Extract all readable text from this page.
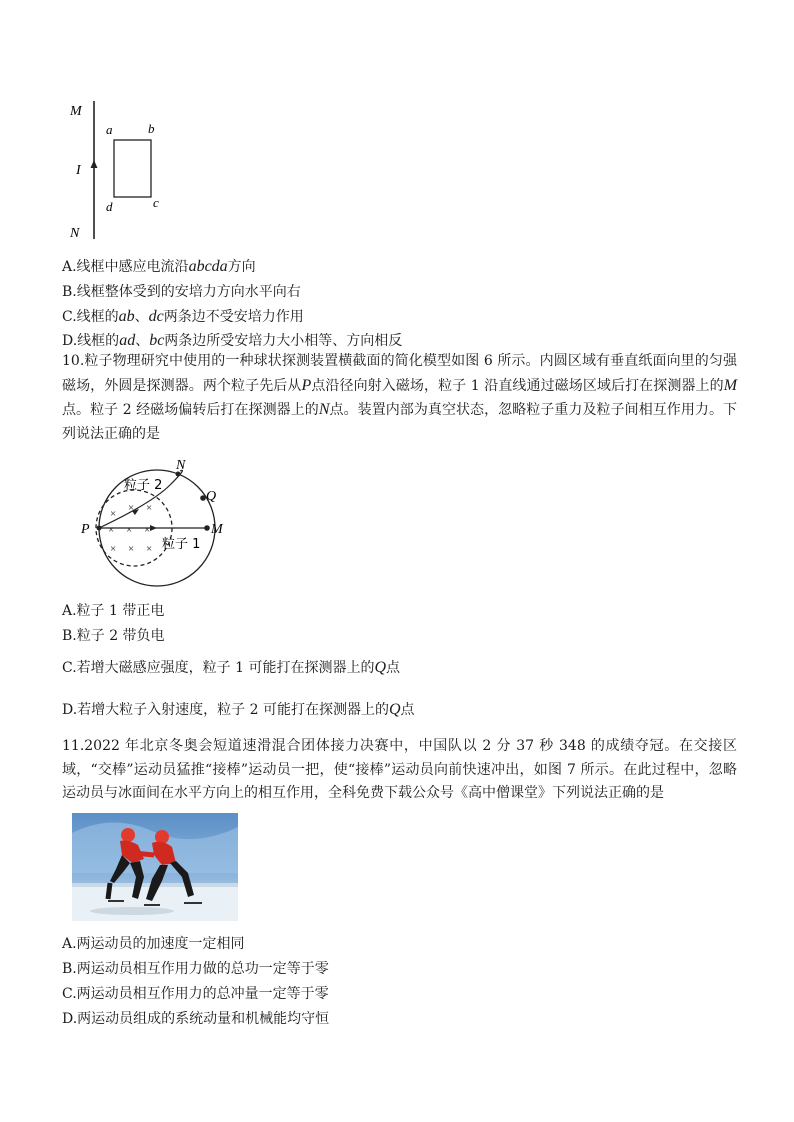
M
I
N
a	b
c
d
A.线框中感应电流沿abcda方向
B.线框整体受到的安培力方向水平向右
C.线框的ab、dc两条边不受安培力作用
D.线框的ad、bc两条边所受安培力大小相等、方向相反
10.粒子物理研究中使用的一种球状探测装置横截面的简化模型如图 6 所示。内圆区域有垂直纸面向里的匀强磁场，外圆是探测器。两个粒子先后从P点沿径向射入磁场，粒子 1 沿直线通过磁场区域后打在探测器上的M点。粒子 2 经磁场偏转后打在探测器上的N点。装置内部为真空状态，忽略粒子重力及粒子间相互作用力。下列说法正确的是
× × ×
× × ×
× × ×
粒子 2
粒子 1
P	M
N
Q
A.粒子 1 带正电
B.粒子 2 带负电
C.若增大磁感应强度，粒子 1 可能打在探测器上的Q点
D.若增大粒子入射速度，粒子 2 可能打在探测器上的Q点
11.2022 年北京冬奥会短道速滑混合团体接力决赛中，中国队以 2 分 37 秒 348 的成绩夺冠。在交接区域，“交棒”运动员猛推“接棒”运动员一把，使“接棒”运动员向前快速冲出，如图 7 所示。在此过程中，忽略运动员与冰面间在水平方向上的相互作用，全科免费下载公众号《高中僧课堂》下列说法正确的是
A.两运动员的加速度一定相同
B.两运动员相互作用力做的总功一定等于零
C.两运动员相互作用力的总冲量一定等于零
D.两运动员组成的系统动量和机械能均守恒
